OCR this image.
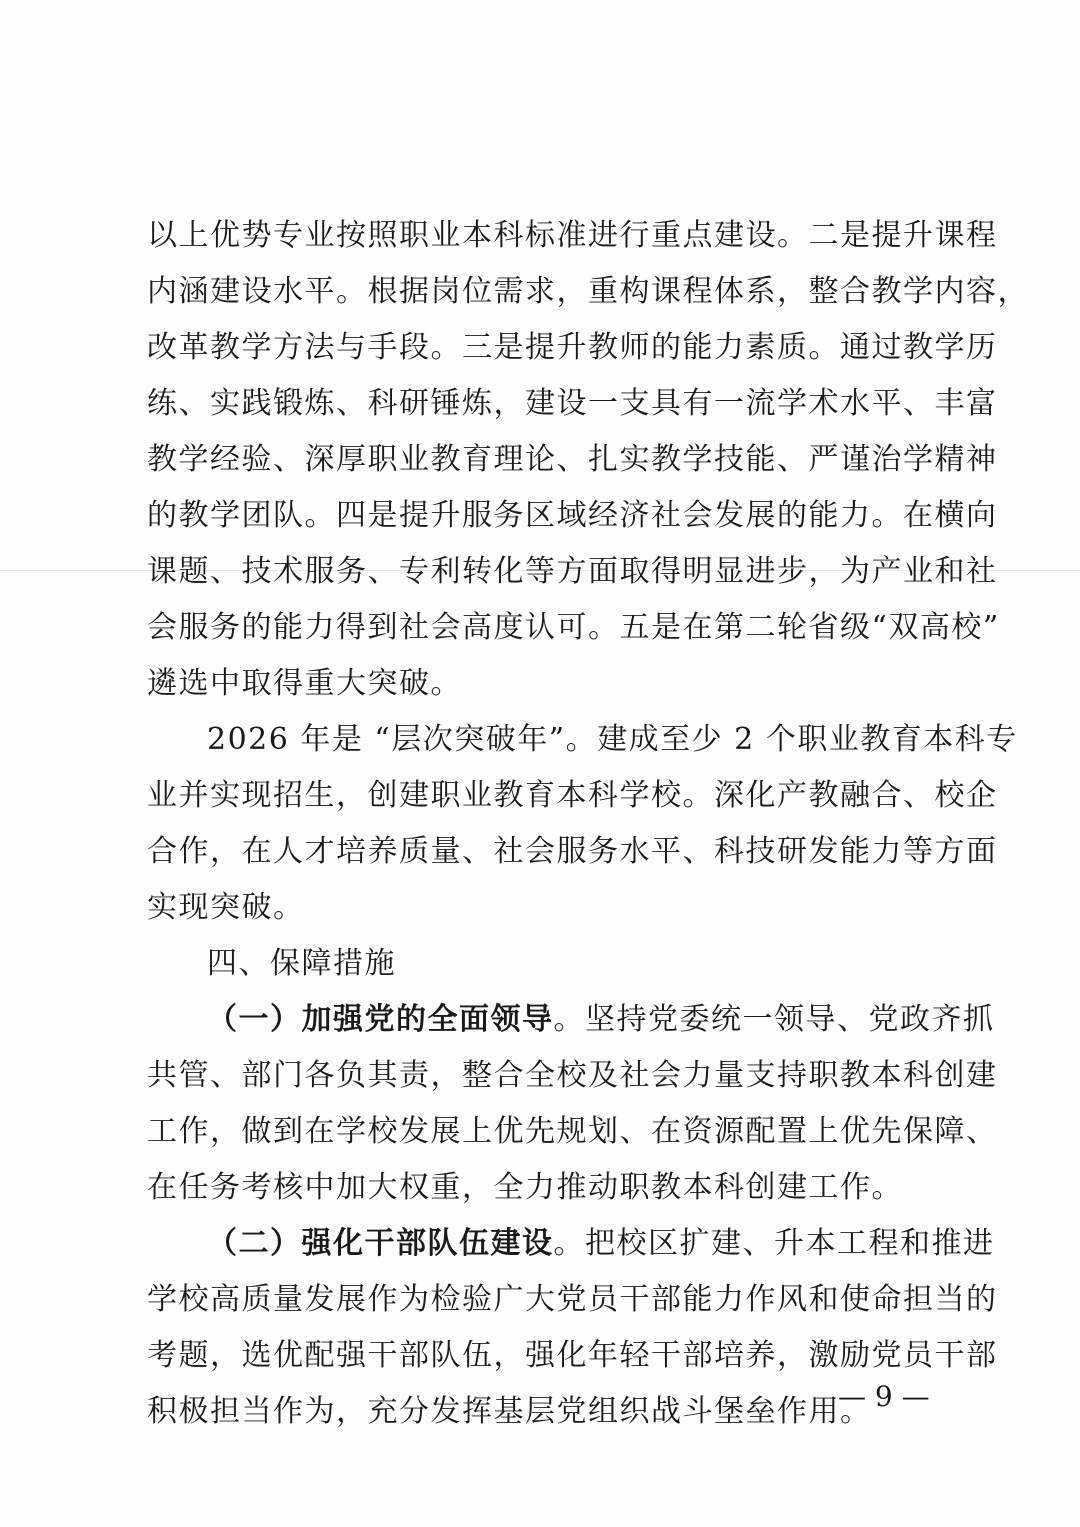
以上优势专业按照职业本科标准进行重点建设。二是提升课程
内涵建设水平。根据岗位需求，重构课程体系，整合教学内容，
改革教学方法与手段。三是提升教师的能力素质。通过教学历
练、实践锻炼、科研锤炼，建设一支具有一流学术水平、丰富
教学经验、深厚职业教育理论、扎实教学技能、严谨治学精神
的教学团队。四是提升服务区域经济社会发展的能力。在横向
课题、技术服务、专利转化等方面取得明显进步，为产业和社
会服务的能力得到社会高度认可。五是在第二轮省级“双高校”
遴选中取得重大突破。
2026 年是 “层次突破年”。建成至少 2 个职业教育本科专
业并实现招生，创建职业教育本科学校。深化产教融合、校企
合作，在人才培养质量、社会服务水平、科技研发能力等方面
实现突破。
四、保障措施
（一）加强党的全面领导。坚持党委统一领导、党政齐抓
共管、部门各负其责，整合全校及社会力量支持职教本科创建
工作，做到在学校发展上优先规划、在资源配置上优先保障、
在任务考核中加大权重，全力推动职教本科创建工作。
（二）强化干部队伍建设。把校区扩建、升本工程和推进
学校高质量发展作为检验广大党员干部能力作风和使命担当的
考题，选优配强干部队伍，强化年轻干部培养，激励党员干部
积极担当作为，充分发挥基层党组织战斗堡垒作用。
— 9 —
